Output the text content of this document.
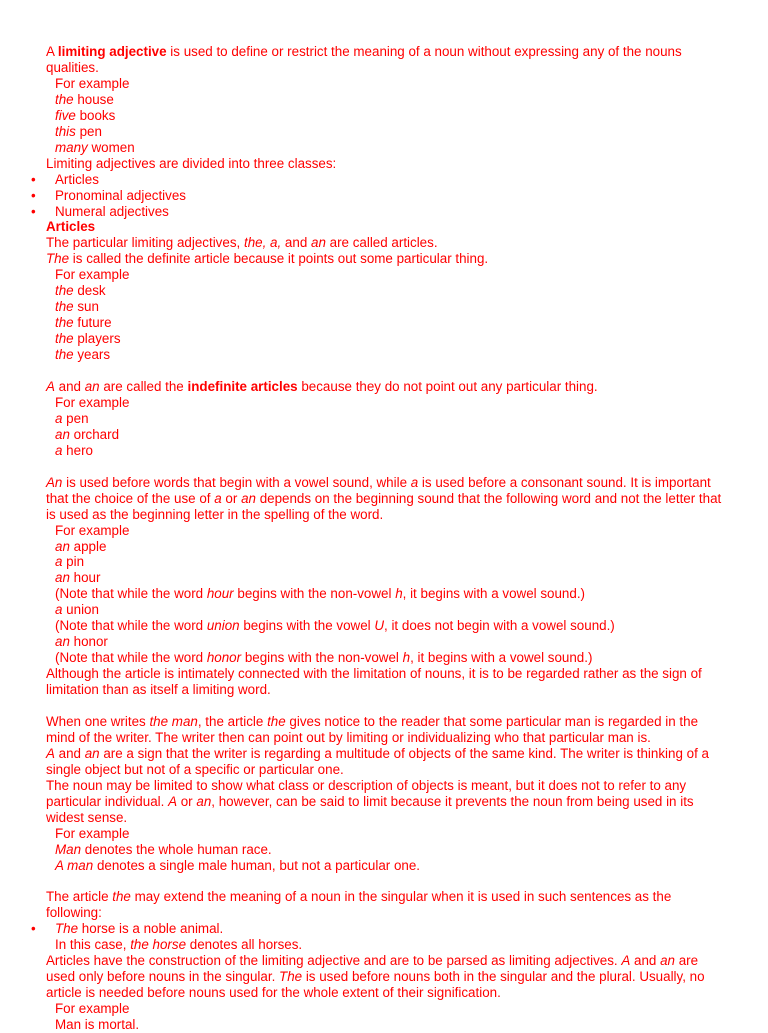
A limiting adjective is used to define or restrict the meaning of a noun without expressing any of the nouns qualities.
For example
the house
five books
this pen
many women
Limiting adjectives are divided into three classes:
• Articles
• Pronominal adjectives
• Numeral adjectives
Articles
The particular limiting adjectives, the, a, and an are called articles.
The is called the definite article because it points out some particular thing.
For example
the desk
the sun
the future
the players
the years
A and an are called the indefinite articles because they do not point out any particular thing.
For example
a pen
an orchard
a hero
An is used before words that begin with a vowel sound, while a is used before a consonant sound. It is important that the choice of the use of a or an depends on the beginning sound that the following word and not the letter that is used as the beginning letter in the spelling of the word.
For example
an apple
a pin
an hour
(Note that while the word hour begins with the non-vowel h, it begins with a vowel sound.)
a union
(Note that while the word union begins with the vowel U, it does not begin with a vowel sound.)
an honor
(Note that while the word honor begins with the non-vowel h, it begins with a vowel sound.)
Although the article is intimately connected with the limitation of nouns, it is to be regarded rather as the sign of limitation than as itself a limiting word.
When one writes the man, the article the gives notice to the reader that some particular man is regarded in the mind of the writer. The writer then can point out by limiting or individualizing who that particular man is.
A and an are a sign that the writer is regarding a multitude of objects of the same kind. The writer is thinking of a single object but not of a specific or particular one.
The noun may be limited to show what class or description of objects is meant, but it does not to refer to any particular individual. A or an, however, can be said to limit because it prevents the noun from being used in its widest sense.
For example
Man denotes the whole human race.
A man denotes a single male human, but not a particular one.
The article the may extend the meaning of a noun in the singular when it is used in such sentences as the following:
• The horse is a noble animal.
In this case, the horse denotes all horses.
Articles have the construction of the limiting adjective and are to be parsed as limiting adjectives. A and an are used only before nouns in the singular. The is used before nouns both in the singular and the plural. Usually, no article is needed before nouns used for the whole extent of their signification.
For example
Man is mortal.
